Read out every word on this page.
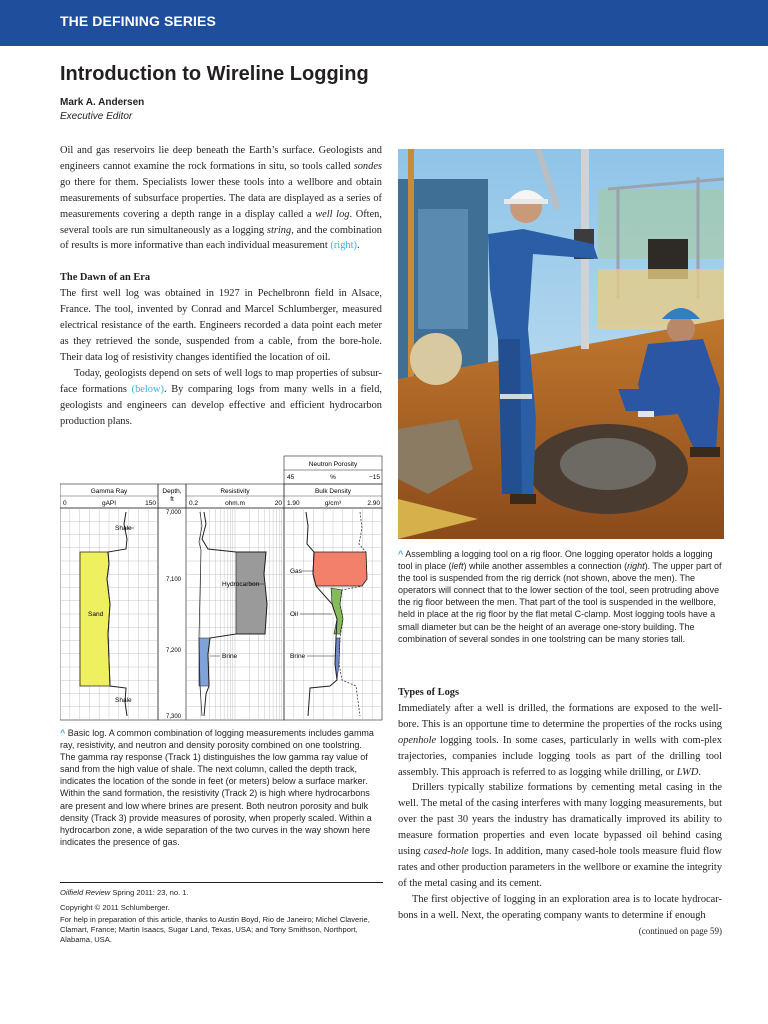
THE DEFINING SERIES
Introduction to Wireline Logging
Mark A. Andersen
Executive Editor

Oil and gas reservoirs lie deep beneath the Earth’s surface. Geologists and engineers cannot examine the rock formations in situ, so tools called sondes go there for them. Specialists lower these tools into a wellbore and obtain measurements of subsurface properties. The data are displayed as a series of measurements covering a depth range in a display called a well log. Often, several tools are run simultaneously as a logging string, and the combination of results is more informative than each individual measurement (right).

The Dawn of an Era

The first well log was obtained in 1927 in Pechelbronn field in Alsace, France. The tool, invented by Conrad and Marcel Schlumberger, measured electrical resistance of the earth. Engineers recorded a data point each meter as they retrieved the sonde, suspended from a cable, from the bore-hole. Their data log of resistivity changes identified the location of oil.

Today, geologists depend on sets of well logs to map properties of subsur-face formations (below). By comparing logs from many wells in a field, geologists and engineers can develop effective and efficient hydrocarbon production plans.

Neutron Porosity
45	%	−15
Gamma Ray
0	gAPI	150
Depth,
ft
Resistivity
0.2	ohm.m	20
Bulk Density
1.90	g/cm³	2.90
Shale
Sand
Shale
7,000
7,100
7,200
7,300
Hydrocarbon
Brine
Gas
Oil
Brine
^ Basic log. A common combination of logging measurements includes gamma ray, resistivity, and neutron and density porosity combined on one toolstring. The gamma ray response (Track 1) distinguishes the low gamma ray value of sand from the high value of shale. The next column, called the depth track, indicates the location of the sonde in feet (or meters) below a surface marker. Within the sand formation, the resistivity (Track 2) is high where hydrocarbons are present and low where brines are present. Both neutron porosity and bulk density (Track 3) provide measures of porosity, when properly scaled. Within a hydrocarbon zone, a wide separation of the two curves in the way shown here indicates the presence of gas.
^ Assembling a logging tool on a rig floor. One logging operator holds a logging tool in place (left) while another assembles a connection (right). The upper part of the tool is suspended from the rig derrick (not shown, above the men). The operators will connect that to the lower section of the tool, seen protruding above the rig floor between the men. That part of the tool is suspended in the wellbore, held in place at the rig floor by the flat metal C-clamp. Most logging tools have a small diameter but can be the height of an average one-story building. The combination of several sondes in one toolstring can be many stories tall.

Types of Logs

Immediately after a well is drilled, the formations are exposed to the well-bore. This is an opportune time to determine the properties of the rocks using openhole logging tools. In some cases, particularly in wells with com-plex trajectories, companies include logging tools as part of the drilling tool assembly. This approach is referred to as logging while drilling, or LWD.

Drillers typically stabilize formations by cementing metal casing in the well. The metal of the casing interferes with many logging measurements, but over the past 30 years the industry has dramatically improved its ability to measure formation properties and even locate bypassed oil behind casing using cased-hole logs. In addition, many cased-hole tools measure fluid flow rates and other production parameters in the wellbore or examine the integrity of the metal casing and its cement.

The first objective of logging in an exploration area is to locate hydrocar-bons in a well. Next, the operating company wants to determine if enough

(continued on page 59)
Oilfield Review Spring 2011: 23, no. 1.
Copyright © 2011 Schlumberger.
For help in preparation of this article, thanks to Austin Boyd, Rio de Janeiro; Michel Claverie, Clamart, France; Martin Isaacs, Sugar Land, Texas, USA; and Tony Smithson, Northport, Alabama, USA.
